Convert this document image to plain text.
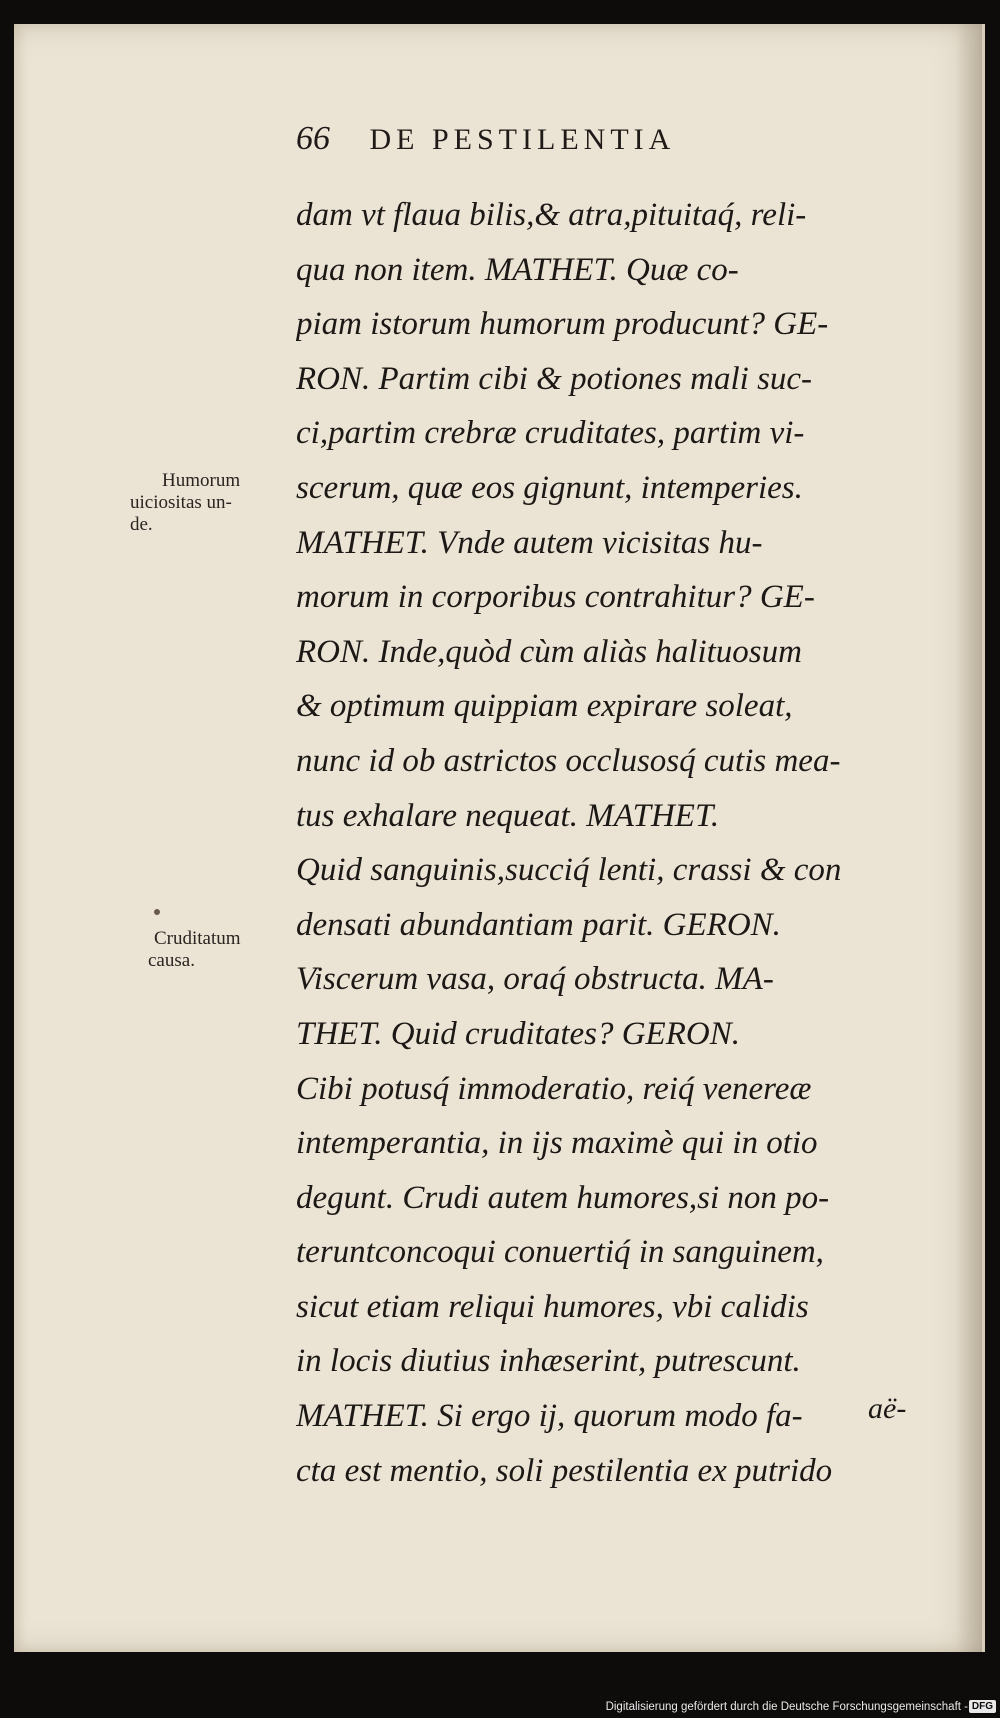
66 DE PESTILENTIA
dam vt flaua bilis,& atra,pituitaq́, reli-
qua non item. MATHET. Quæ co-
piam istorum humorum producunt? GE-
RON. Partim cibi & potiones mali suc-
ci,partim crebræ cruditates, partim vi-
scerum, quæ eos gignunt, intemperies.
MATHET. Vnde autem vicisitas hu-
morum in corporibus contrahitur? GE-
RON. Inde,quòd cùm aliàs halituosum
& optimum quippiam expirare soleat,
nunc id ob astrictos occlusosq́ cutis mea-
tus exhalare nequeat. MATHET.
Quid sanguinis,succiq́ lenti, crassi & con
densati abundantiam parit. GERON.
Viscerum vasa, oraq́ obstructa. MA-
THET. Quid cruditates? GERON.
Cibi potusq́ immoderatio, reiq́ venereæ
intemperantia, in ijs maximè qui in otio
degunt. Crudi autem humores,si non po-
teruntconcoqui conuertiq́ in sanguinem,
sicut etiam reliqui humores, vbi calidis
in locis diutius inhæserint, putrescunt.
MATHET. Si ergo ij, quorum modo fa-
cta est mentio, soli pestilentia ex putrido
aë-
Humorum
uiciositas un-
de.
Cruditatum
causa.
Digitalisierung gefördert durch die Deutsche Forschungsgemeinschaft - DFG
